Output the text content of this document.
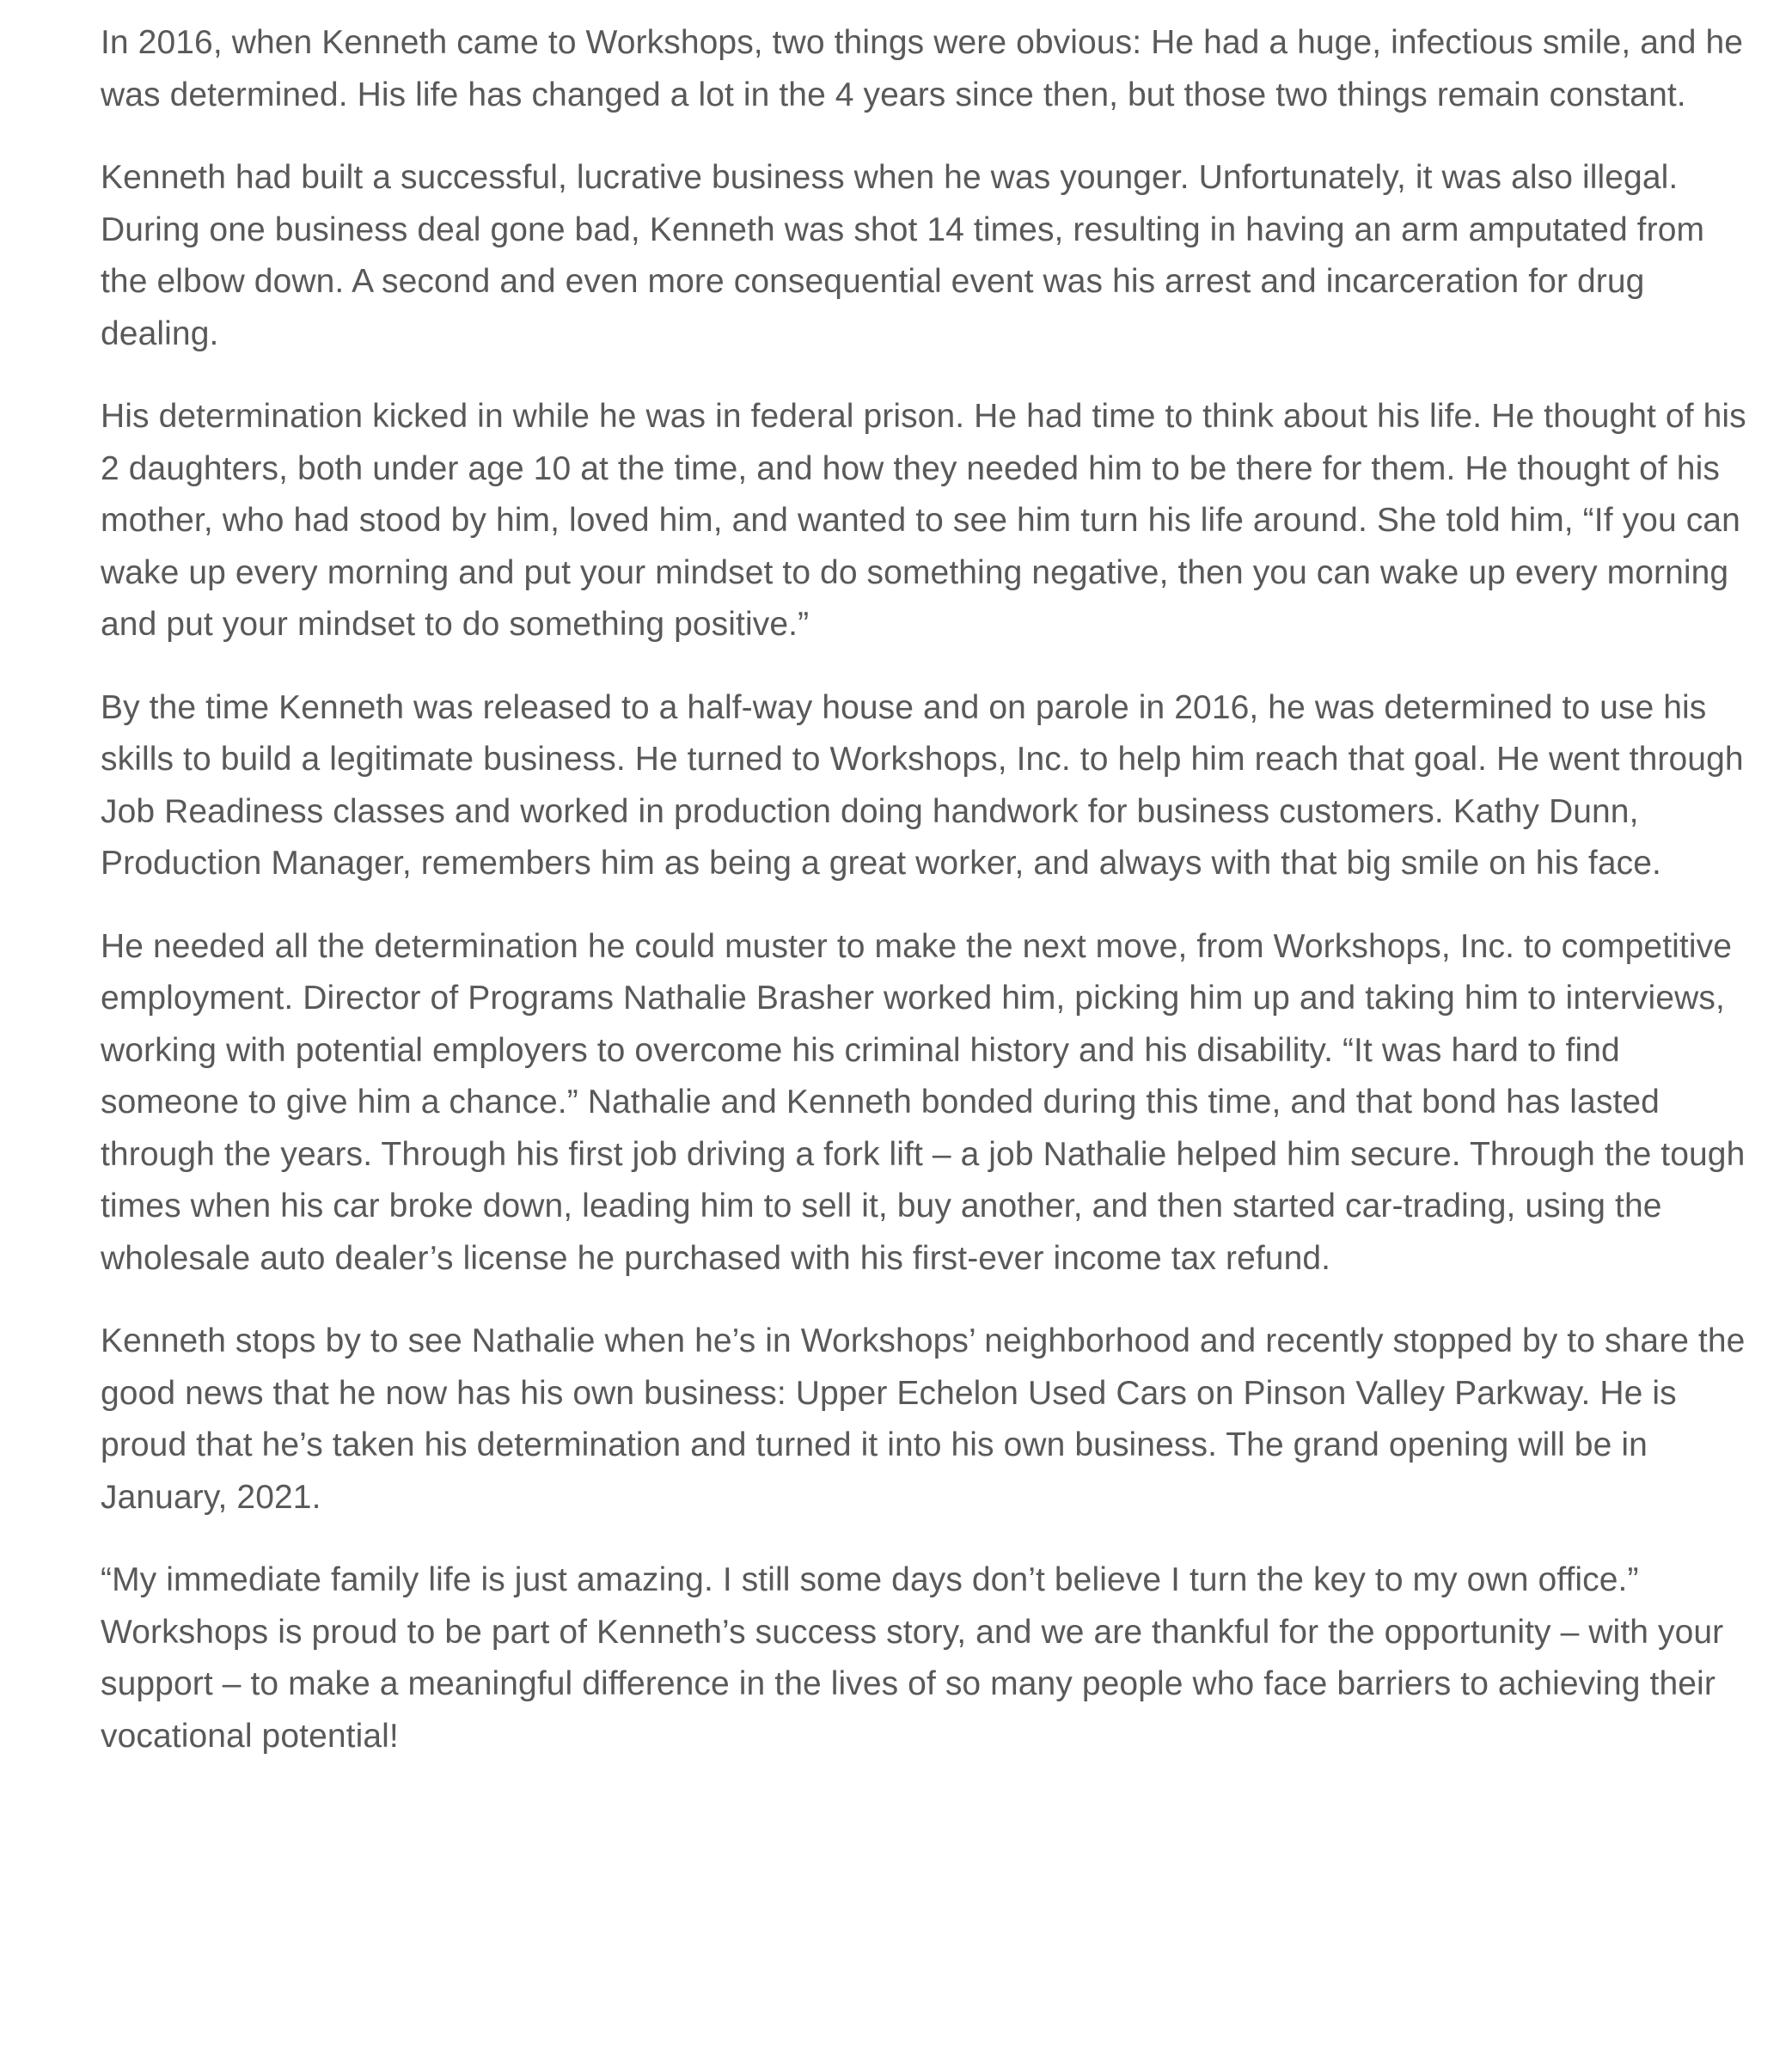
In 2016, when Kenneth came to Workshops, two things were obvious: He had a huge, infectious smile, and he was determined. His life has changed a lot in the 4 years since then, but those two things remain constant.

Kenneth had built a successful, lucrative business when he was younger. Unfortunately, it was also illegal. During one business deal gone bad, Kenneth was shot 14 times, resulting in having an arm amputated from the elbow down. A second and even more consequential event was his arrest and incarceration for drug dealing.

His determination kicked in while he was in federal prison. He had time to think about his life. He thought of his 2 daughters, both under age 10 at the time, and how they needed him to be there for them. He thought of his mother, who had stood by him, loved him, and wanted to see him turn his life around. She told him, “If you can wake up every morning and put your mindset to do something negative, then you can wake up every morning and put your mindset to do something positive.”

By the time Kenneth was released to a half-way house and on parole in 2016, he was determined to use his skills to build a legitimate business. He turned to Workshops, Inc. to help him reach that goal. He went through Job Readiness classes and worked in production doing handwork for business customers. Kathy Dunn, Production Manager, remembers him as being a great worker, and always with that big smile on his face.

He needed all the determination he could muster to make the next move, from Workshops, Inc. to competitive employment. Director of Programs Nathalie Brasher worked him, picking him up and taking him to interviews, working with potential employers to overcome his criminal history and his disability. “It was hard to find someone to give him a chance.” Nathalie and Kenneth bonded during this time, and that bond has lasted through the years. Through his first job driving a fork lift – a job Nathalie helped him secure. Through the tough times when his car broke down, leading him to sell it, buy another, and then started car-trading, using the wholesale auto dealer’s license he purchased with his first-ever income tax refund.

Kenneth stops by to see Nathalie when he’s in Workshops’ neighborhood and recently stopped by to share the good news that he now has his own business: Upper Echelon Used Cars on Pinson Valley Parkway. He is proud that he’s taken his determination and turned it into his own business. The grand opening will be in January, 2021.

“My immediate family life is just amazing. I still some days don’t believe I turn the key to my own office.” Workshops is proud to be part of Kenneth’s success story, and we are thankful for the opportunity – with your support – to make a meaningful difference in the lives of so many people who face barriers to achieving their vocational potential!
